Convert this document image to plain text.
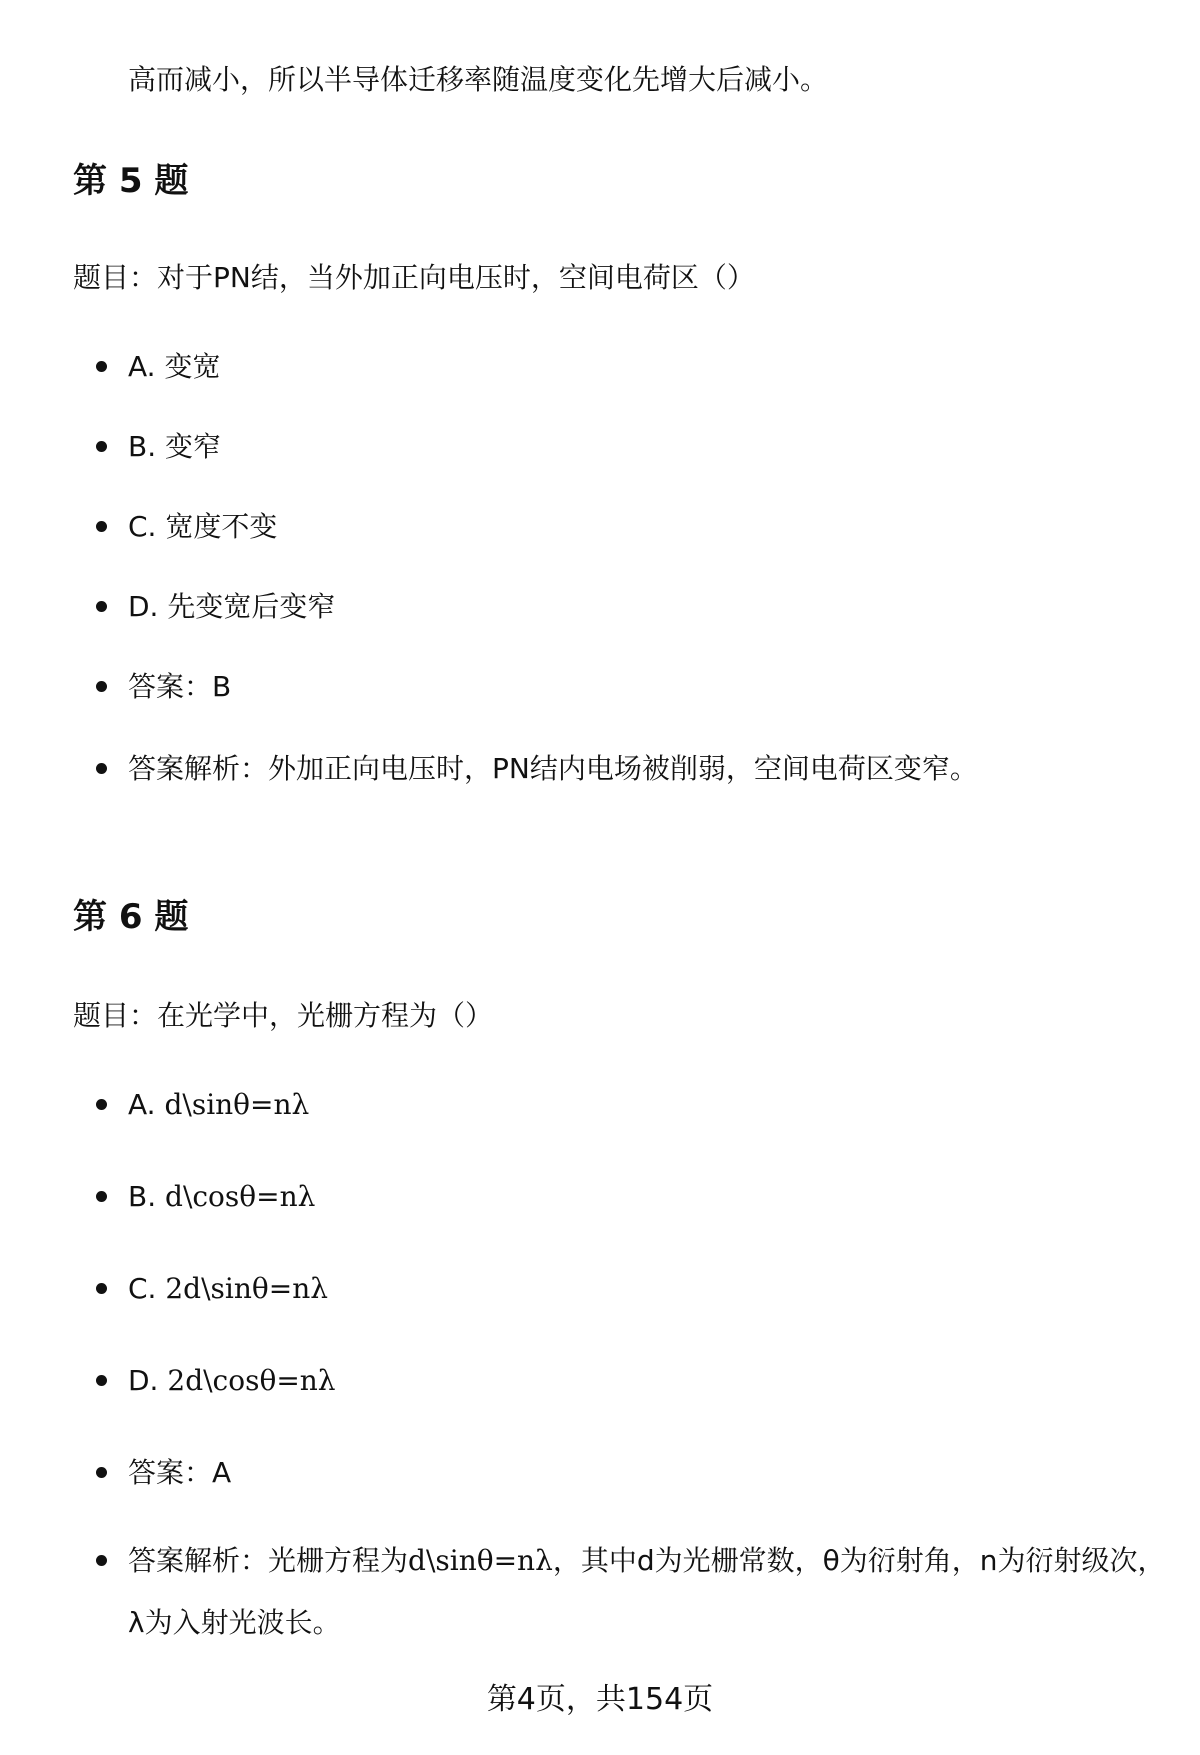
高而减小，所以半导体迁移率随温度变化先增大后减小。
第 5 题
题目：对于PN结，当外加正向电压时，空间电荷区（）
A. 变宽
B. 变窄
C. 宽度不变
D. 先变宽后变窄
答案：B
答案解析：外加正向电压时，PN结内电场被削弱，空间电荷区变窄。
第 6 题
题目：在光学中，光栅方程为（）
A. d\sinθ=nλ
B. d\cosθ=nλ
C. 2d\sinθ=nλ
D. 2d\cosθ=nλ
答案：A
答案解析：光栅方程为d\sinθ=nλ，其中d为光栅常数，θ为衍射角，n为衍射级次，λ为入射光波长。
第4页，共154页
